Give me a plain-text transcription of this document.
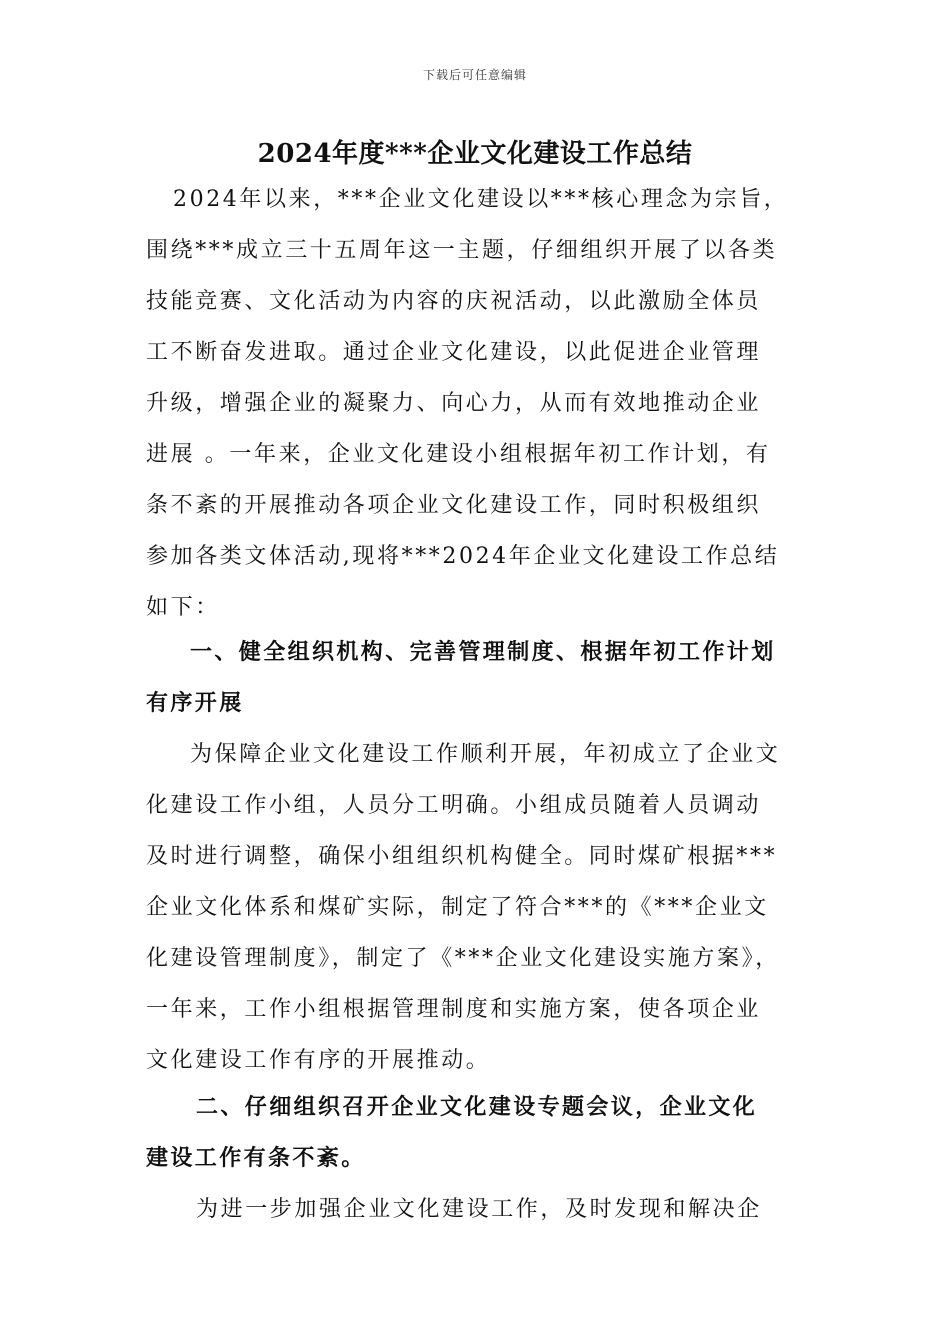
下载后可任意编辑
2024年度***企业文化建设工作总结
2024年以来，***企业文化建设以***核心理念为宗旨，
围绕***成立三十五周年这一主题，仔细组织开展了以各类
技能竞赛、文化活动为内容的庆祝活动，以此激励全体员
工不断奋发进取。通过企业文化建设，以此促进企业管理
升级，增强企业的凝聚力、向心力，从而有效地推动企业
进展 。一年来，企业文化建设小组根据年初工作计划，有
条不紊的开展推动各项企业文化建设工作，同时积极组织
参加各类文体活动,现将***2024年企业文化建设工作总结
如下：
一、健全组织机构、完善管理制度、根据年初工作计划
有序开展
为保障企业文化建设工作顺利开展，年初成立了企业文
化建设工作小组，人员分工明确。小组成员随着人员调动
及时进行调整，确保小组组织机构健全。同时煤矿根据***
企业文化体系和煤矿实际，制定了符合***的《***企业文
化建设管理制度》，制定了《***企业文化建设实施方案》，
一年来，工作小组根据管理制度和实施方案，使各项企业
文化建设工作有序的开展推动。
二、仔细组织召开企业文化建设专题会议，企业文化
建设工作有条不紊。
为进一步加强企业文化建设工作，及时发现和解决企
